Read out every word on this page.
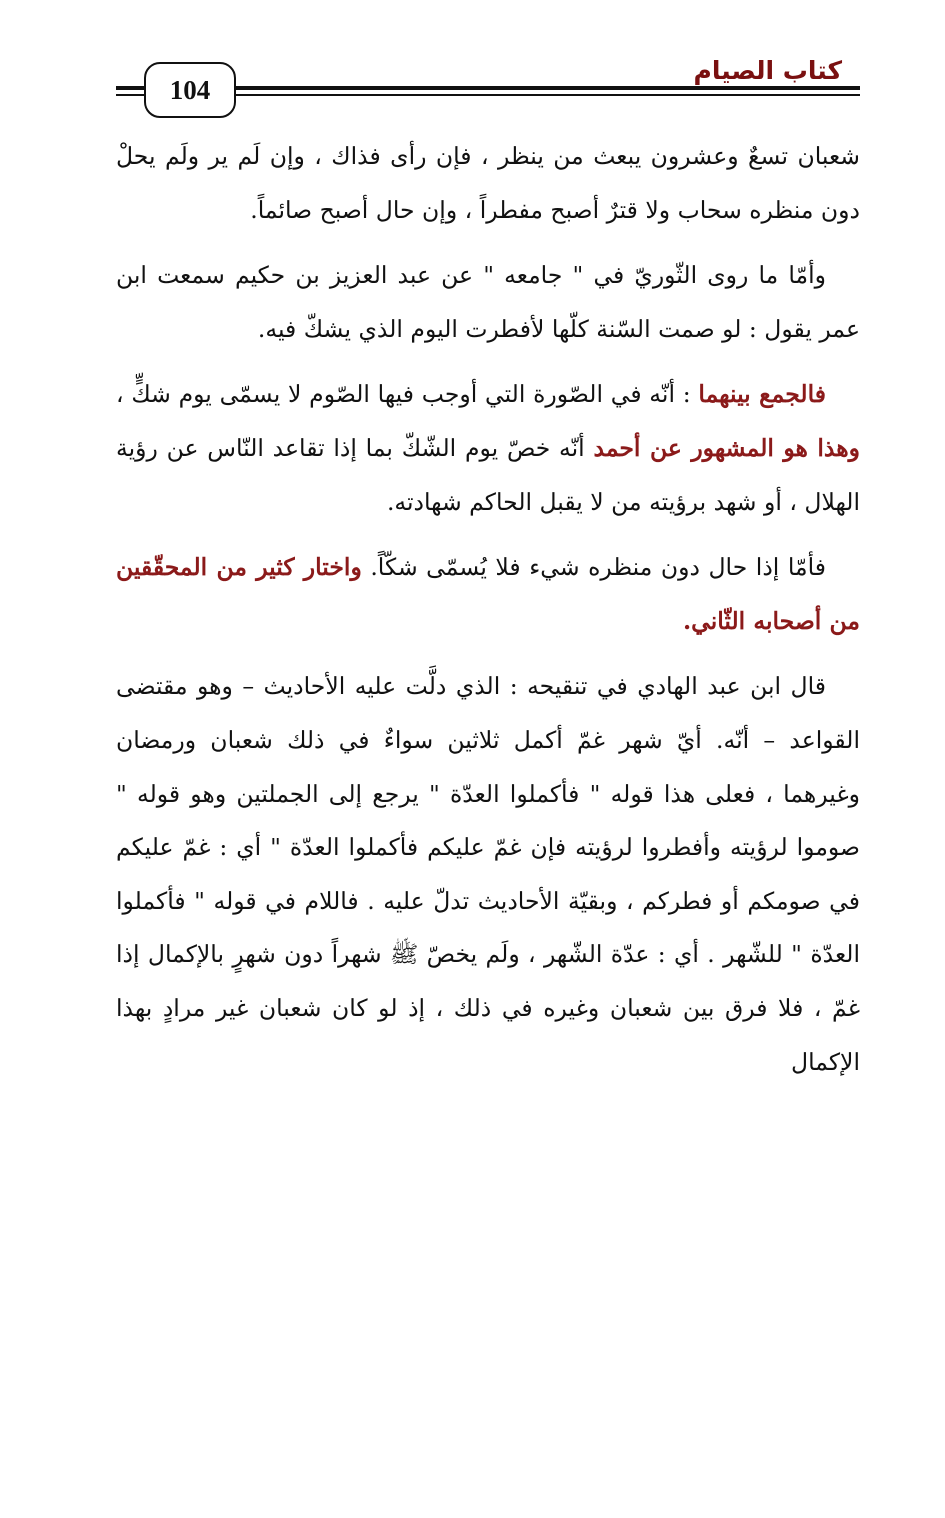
104
كتاب الصيام

شعبان تسعٌ وعشرون يبعث من ينظر ، فإن رأى فذاك ، وإن لَم ير ولَم يحلْ دون منظره سحاب ولا قترٌ أصبح مفطراً ، وإن حال أصبح صائماً.

وأمّا ما روى الثّوريّ في " جامعه " عن عبد العزيز بن حكيم سمعت ابن عمر يقول : لو صمت السّنة كلّها لأفطرت اليوم الذي يشكّ فيه.

فالجمع بينهما : أنّه في الصّورة التي أوجب فيها الصّوم لا يسمّى يوم شكٍّ ، وهذا هو المشهور عن أحمد أنّه خصّ يوم الشّكّ بما إذا تقاعد النّاس عن رؤية الهلال ، أو شهد برؤيته من لا يقبل الحاكم شهادته.

فأمّا إذا حال دون منظره شيء فلا يُسمّى شكّاً. واختار كثير من المحقّقين من أصحابه الثّاني.

قال ابن عبد الهادي في تنقيحه : الذي دلَّت عليه الأحاديث – وهو مقتضى القواعد – أنّه. أيّ شهر غمّ أكمل ثلاثين سواءٌ في ذلك شعبان ورمضان وغيرهما ، فعلى هذا قوله " فأكملوا العدّة " يرجع إلى الجملتين وهو قوله " صوموا لرؤيته وأفطروا لرؤيته فإن غمّ عليكم فأكملوا العدّة " أي : غمّ عليكم في صومكم أو فطركم ، وبقيّة الأحاديث تدلّ عليه . فاللام في قوله " فأكملوا العدّة " للشّهر . أي : عدّة الشّهر ، ولَم يخصّ ﷺ شهراً دون شهرٍ بالإكمال إذا غمّ ، فلا فرق بين شعبان وغيره في ذلك ، إذ لو كان شعبان غير مرادٍ بهذا الإكمال
